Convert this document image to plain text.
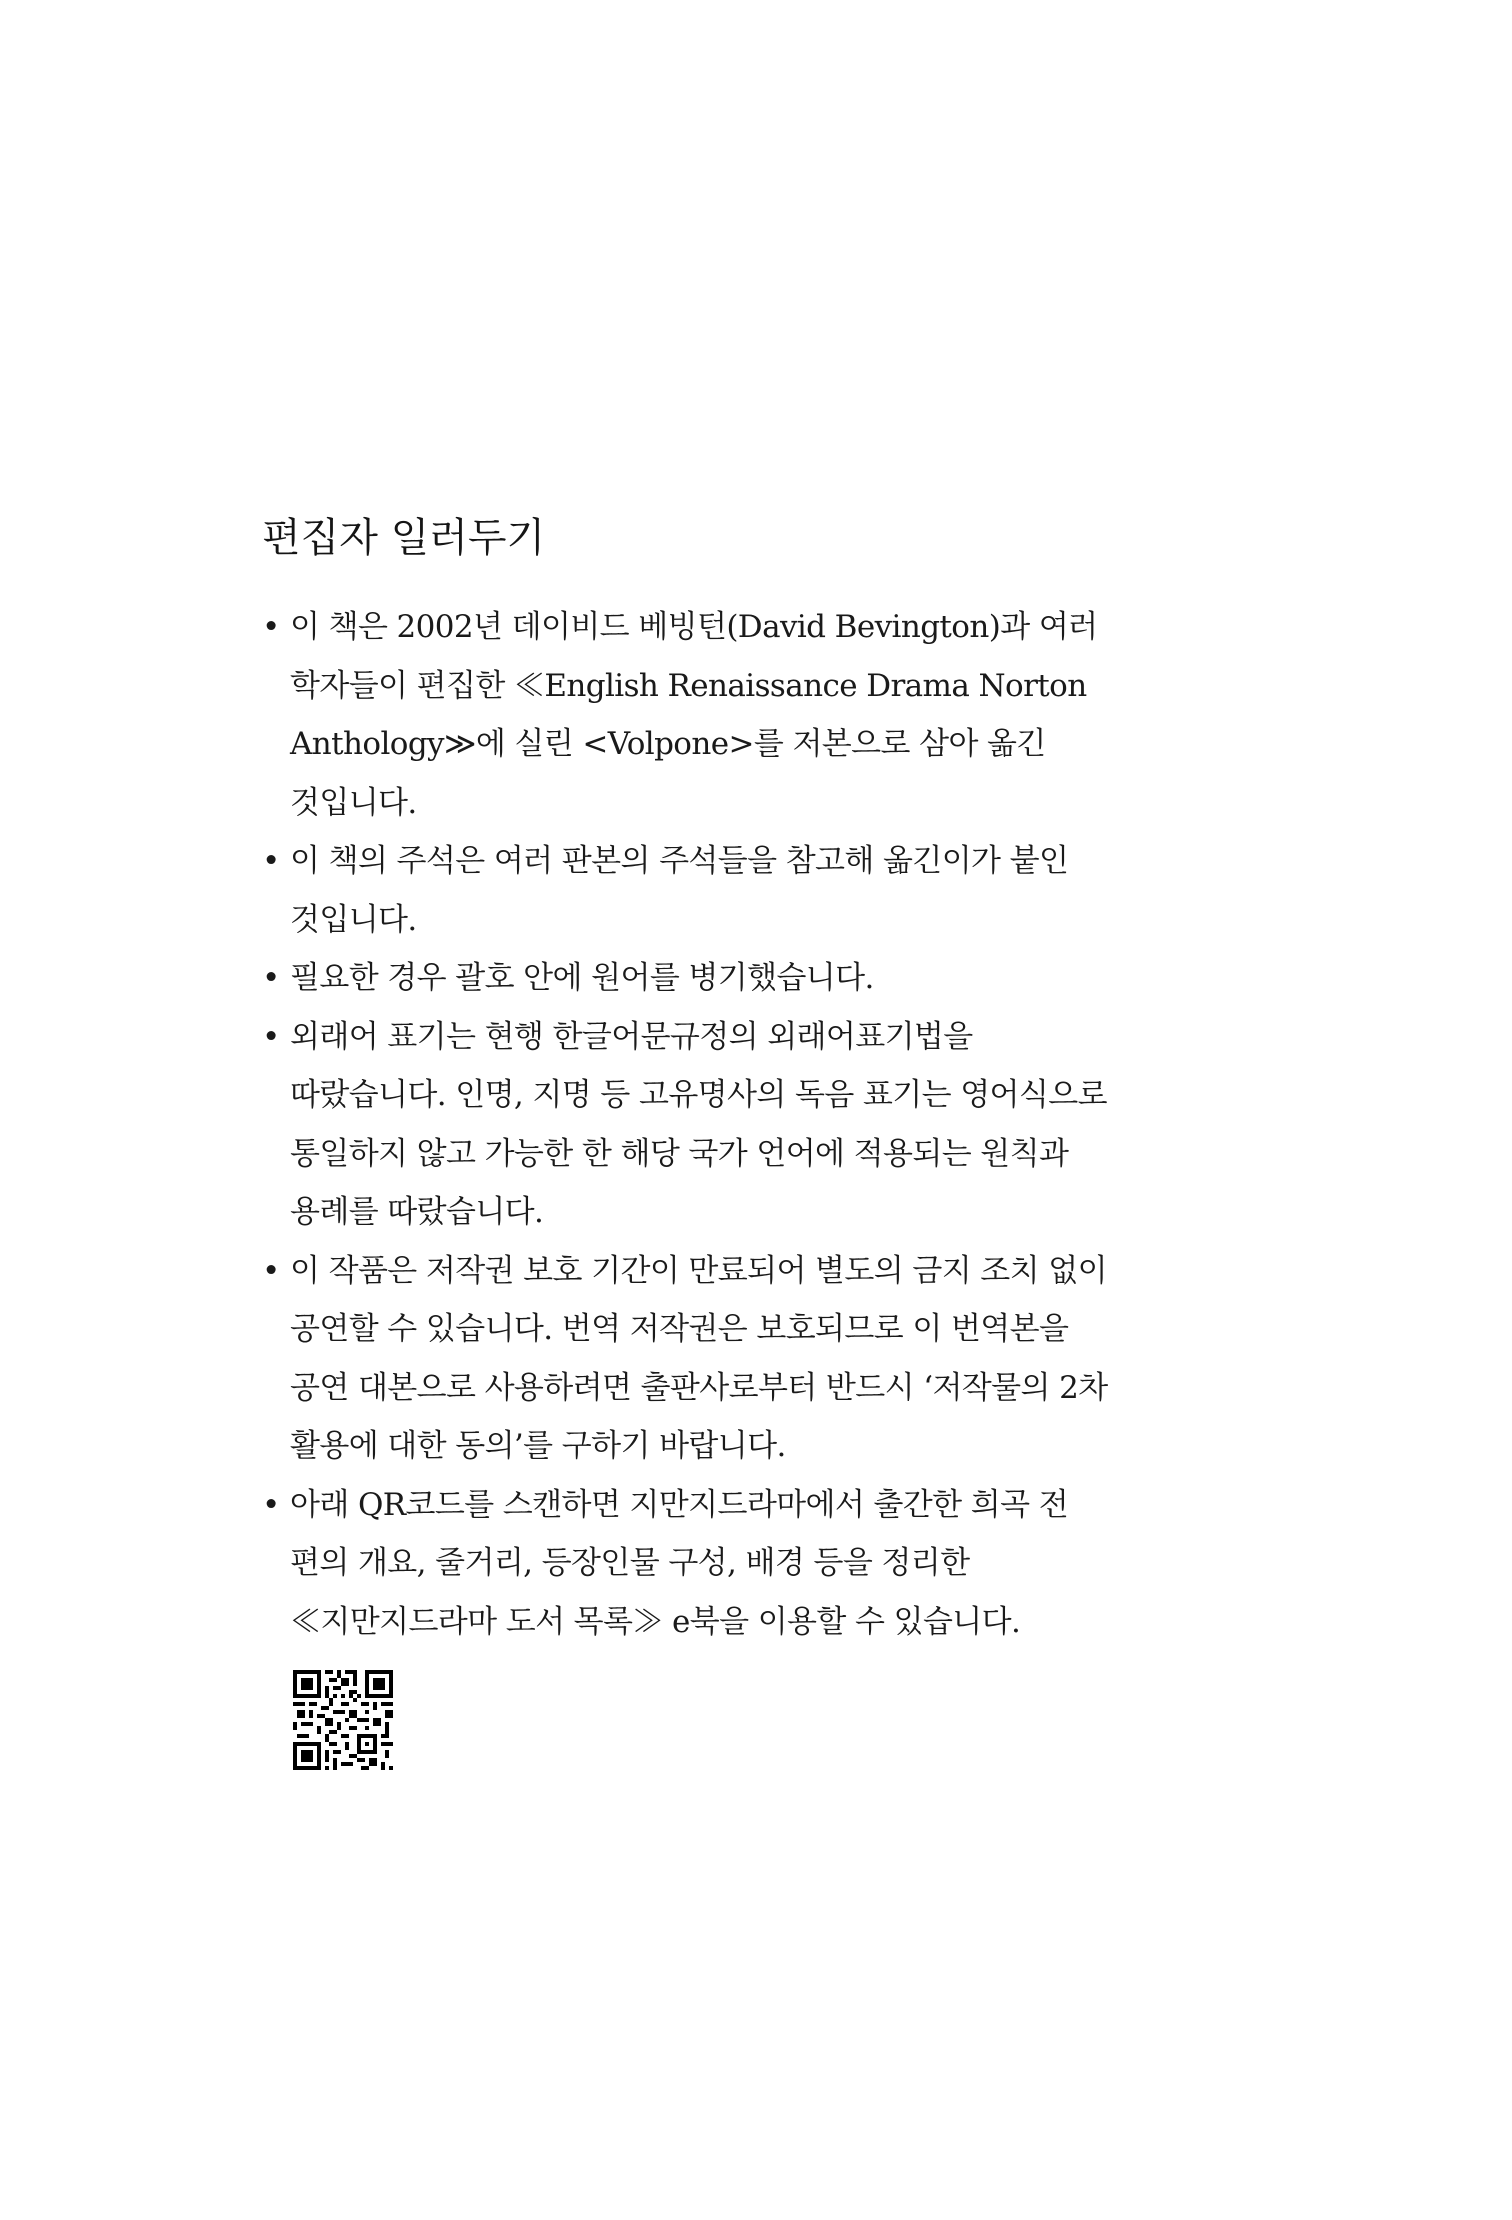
편집자 일러두기
• 이 책은 2002년 데이비드 베빙턴(David Bevington)과 여러
학자들이 편집한 ≪English Renaissance Drama Norton
Anthology≫에 실린 <Volpone>를 저본으로 삼아 옮긴
것입니다.
• 이 책의 주석은 여러 판본의 주석들을 참고해 옮긴이가 붙인
것입니다.
• 필요한 경우 괄호 안에 원어를 병기했습니다.
• 외래어 표기는 현행 한글어문규정의 외래어표기법을
따랐습니다. 인명, 지명 등 고유명사의 독음 표기는 영어식으로
통일하지 않고 가능한 한 해당 국가 언어에 적용되는 원칙과
용례를 따랐습니다.
• 이 작품은 저작권 보호 기간이 만료되어 별도의 금지 조치 없이
공연할 수 있습니다. 번역 저작권은 보호되므로 이 번역본을
공연 대본으로 사용하려면 출판사로부터 반드시 ‘저작물의 2차
활용에 대한 동의’를 구하기 바랍니다.
• 아래 QR코드를 스캔하면 지만지드라마에서 출간한 희곡 전
편의 개요, 줄거리, 등장인물 구성, 배경 등을 정리한
≪지만지드라마 도서 목록≫ e북을 이용할 수 있습니다.
